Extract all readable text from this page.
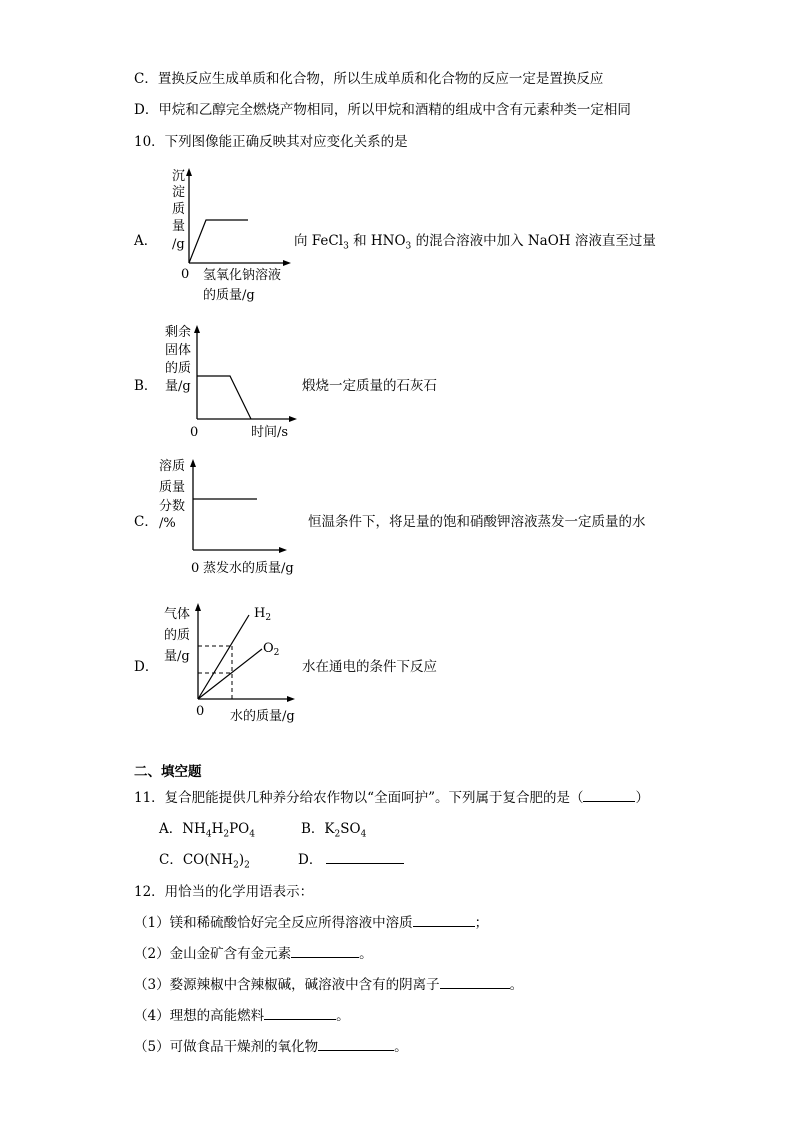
C．置换反应生成单质和化合物，所以生成单质和化合物的反应一定是置换反应
D．甲烷和乙醇完全燃烧产物相同，所以甲烷和酒精的组成中含有元素种类一定相同
10．下列图像能正确反映其对应变化关系的是
A．
沉
淀
质
量
/g
0 氢氧化钠溶液
的质量/g
向 FeCl$_3$ 和 $HNO_3$ 的混合溶液中加入 NaOH 溶液直至过量
B．
剩余
固体
的质
量/g
0	时间/s
煅烧一定质量的石灰石
C．
溶质
质量
分数
/%
0 蒸发水的质量/g
恒温条件下，将足量的饱和硝酸钾溶液蒸发一定质量的水
D．
气体
的质
量/g
$H_2$
$O_2$
0 水的质量/g
水在通电的条件下反应
二、填空题
11．复合肥能提供几种养分给农作物以“全面呵护”。下列属于复合肥的是（	）
A．$NH_4H_2PO_4$	B．$K_2SO_4$
C．$CO(NH_2)_2$	D．
12．用恰当的化学用语表示：
（1）镁和稀硫酸恰好完全反应所得溶液中溶质	；
（2）金山金矿含有金元素	。
（3）婺源辣椒中含辣椒碱，碱溶液中含有的阴离子	。
（4）理想的高能燃料	。
（5）可做食品干燥剂的氧化物	。
